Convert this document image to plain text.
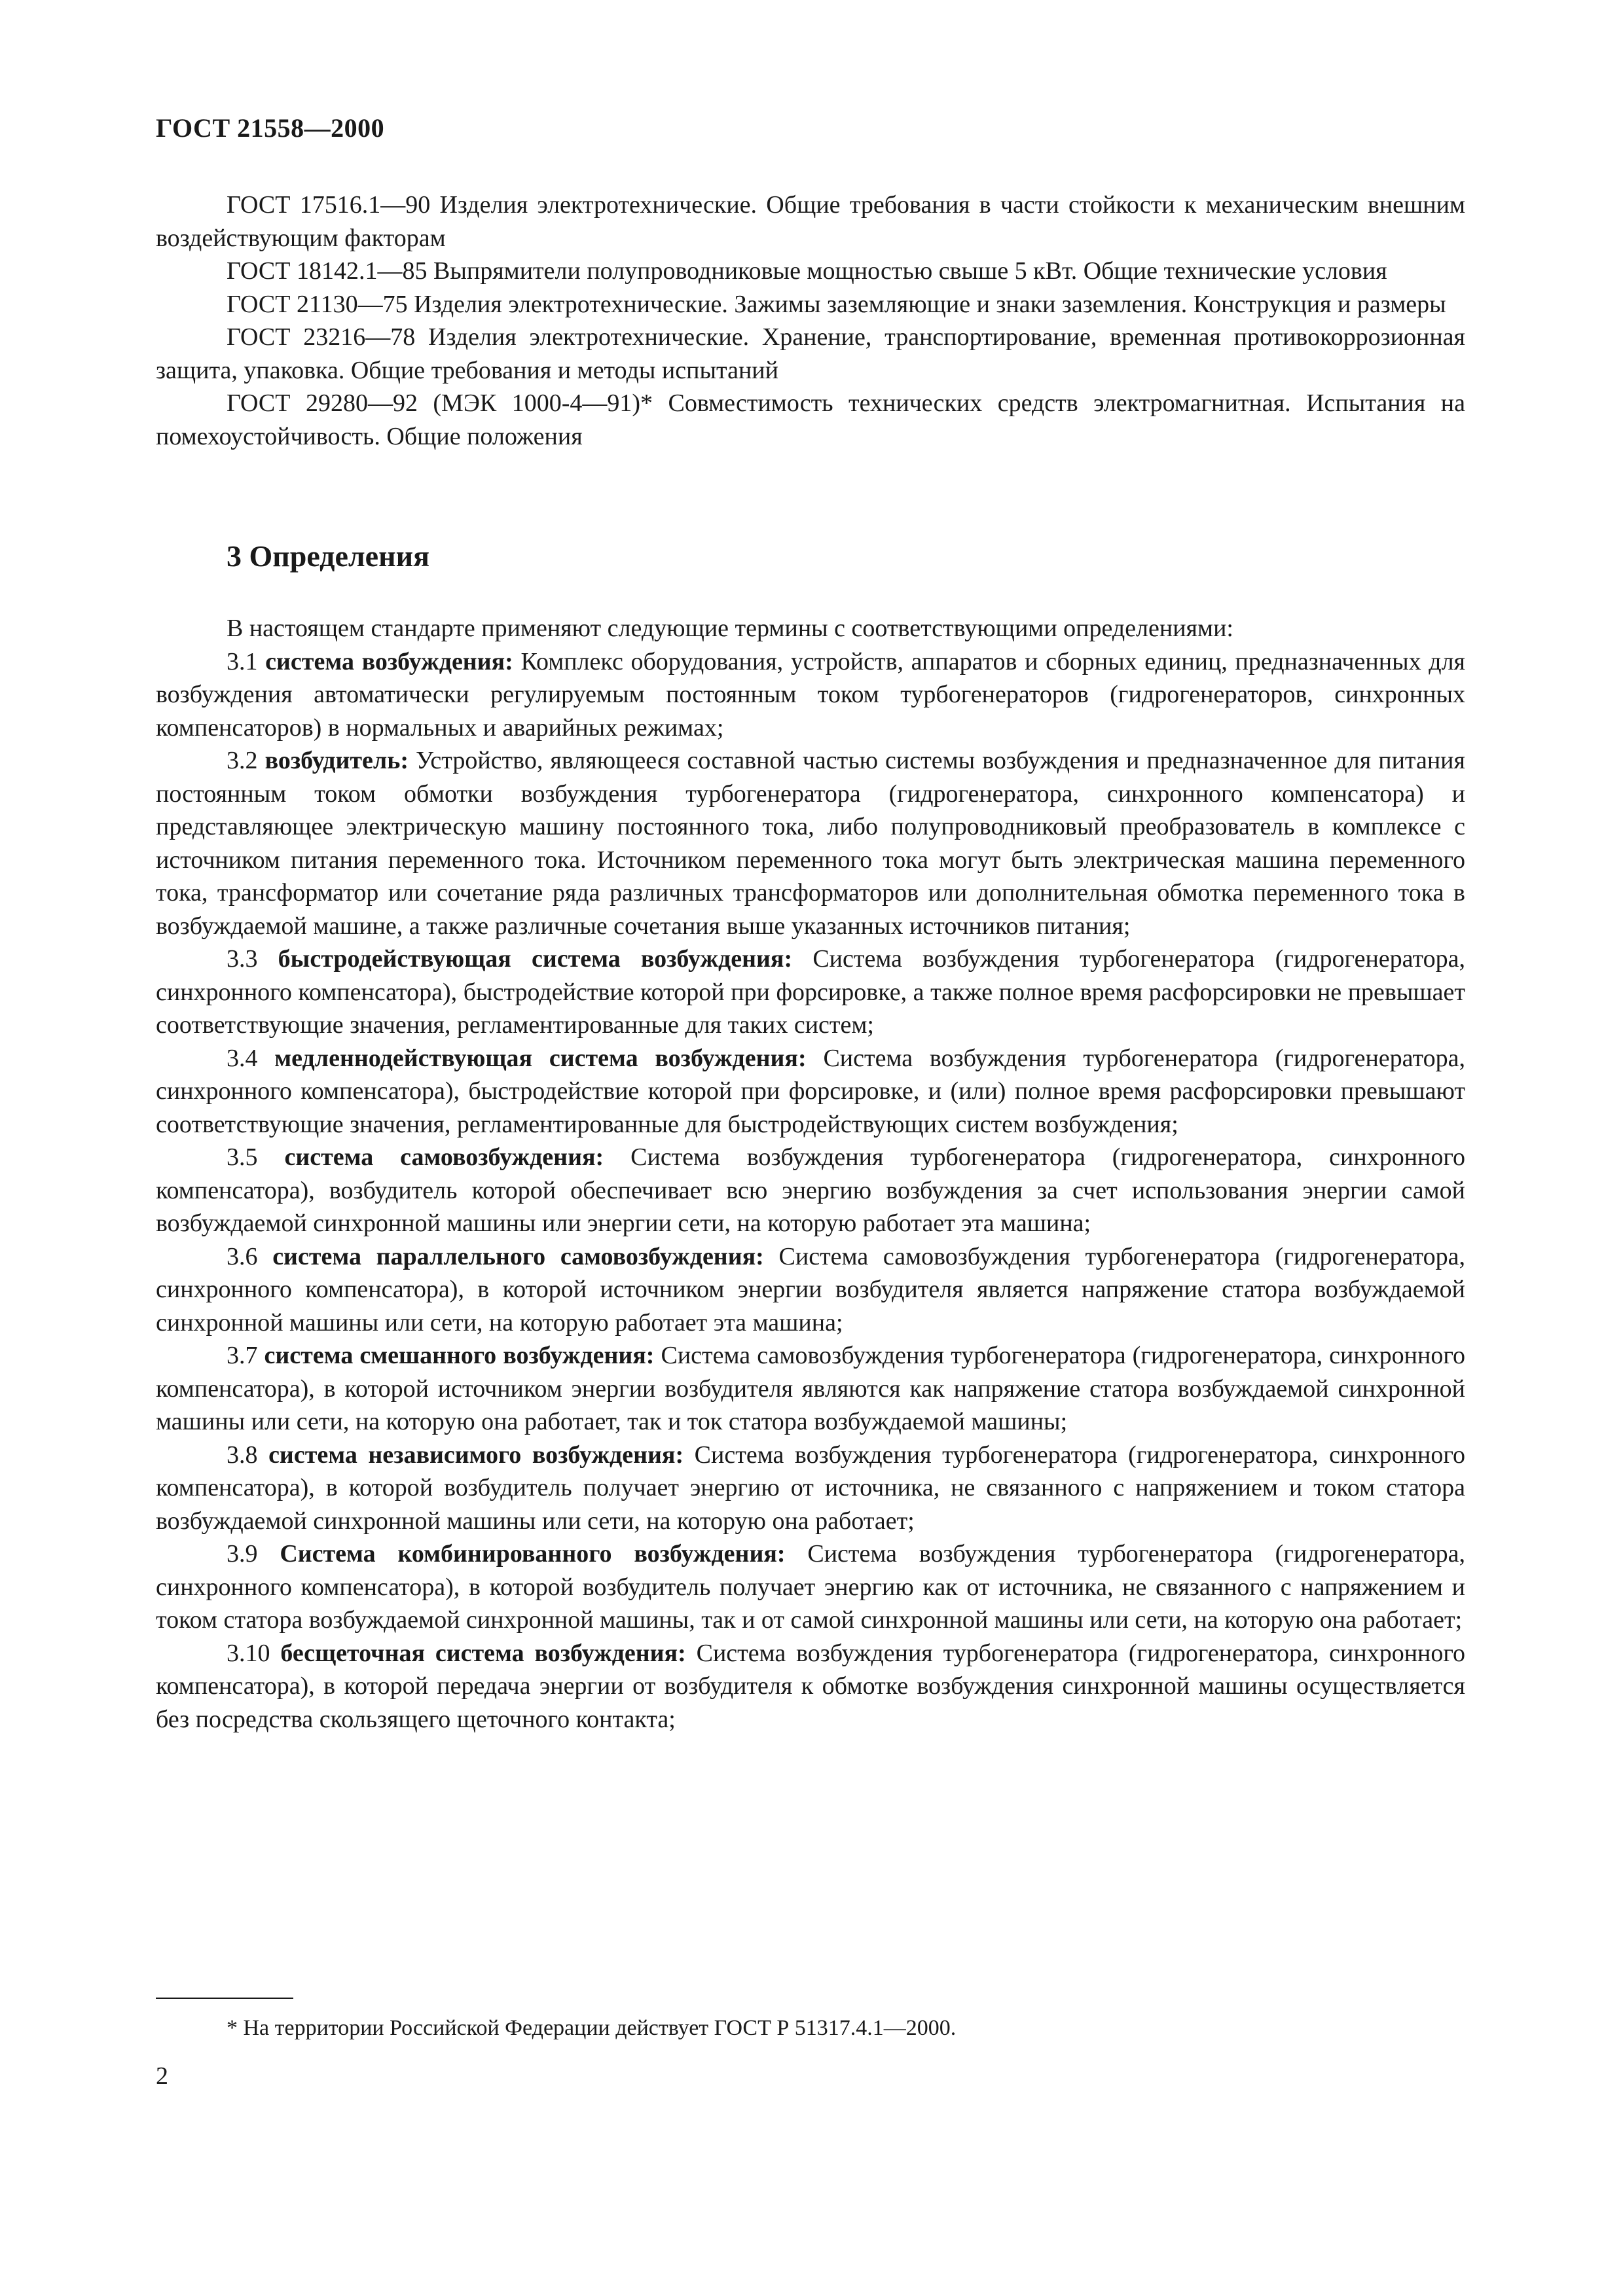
ГОСТ 21558—2000

ГОСТ 17516.1—90 Изделия электротехнические. Общие требования в части стойкости к механическим внешним воздействующим факторам

ГОСТ 18142.1—85 Выпрямители полупроводниковые мощностью свыше 5 кВт. Общие технические условия

ГОСТ 21130—75 Изделия электротехнические. Зажимы заземляющие и знаки заземления. Конструкция и размеры

ГОСТ 23216—78 Изделия электротехнические. Хранение, транспортирование, временная противокоррозионная защита, упаковка. Общие требования и методы испытаний

ГОСТ 29280—92 (МЭК 1000-4—91)* Совместимость технических средств электромагнитная. Испытания на помехоустойчивость. Общие положения

3 Определения

В настоящем стандарте применяют следующие термины с соответствующими определениями:

3.1 система возбуждения: Комплекс оборудования, устройств, аппаратов и сборных единиц, предназначенных для возбуждения автоматически регулируемым постоянным током турбогенераторов (гидрогенераторов, синхронных компенсаторов) в нормальных и аварийных режимах;

3.2 возбудитель: Устройство, являющееся составной частью системы возбуждения и предназначенное для питания постоянным током обмотки возбуждения турбогенератора (гидрогенератора, синхронного компенсатора) и представляющее электрическую машину постоянного тока, либо полупроводниковый преобразователь в комплексе с источником питания переменного тока. Источником переменного тока могут быть электрическая машина переменного тока, трансформатор или сочетание ряда различных трансформаторов или дополнительная обмотка переменного тока в возбуждаемой машине, а также различные сочетания выше указанных источников питания;

3.3 быстродействующая система возбуждения: Система возбуждения турбогенератора (гидрогенератора, синхронного компенсатора), быстродействие которой при форсировке, а также полное время расфорсировки не превышает соответствующие значения, регламентированные для таких систем;

3.4 медленнодействующая система возбуждения: Система возбуждения турбогенератора (гидрогенератора, синхронного компенсатора), быстродействие которой при форсировке, и (или) полное время расфорсировки превышают соответствующие значения, регламентированные для быстродействующих систем возбуждения;

3.5 система самовозбуждения: Система возбуждения турбогенератора (гидрогенератора, синхронного компенсатора), возбудитель которой обеспечивает всю энергию возбуждения за счет использования энергии самой возбуждаемой синхронной машины или энергии сети, на которую работает эта машина;

3.6 система параллельного самовозбуждения: Система самовозбуждения турбогенератора (гидрогенератора, синхронного компенсатора), в которой источником энергии возбудителя является напряжение статора возбуждаемой синхронной машины или сети, на которую работает эта машина;

3.7 система смешанного возбуждения: Система самовозбуждения турбогенератора (гидрогенератора, синхронного компенсатора), в которой источником энергии возбудителя являются как напряжение статора возбуждаемой синхронной машины или сети, на которую она работает, так и ток статора возбуждаемой машины;

3.8 система независимого возбуждения: Система возбуждения турбогенератора (гидрогенератора, синхронного компенсатора), в которой возбудитель получает энергию от источника, не связанного с напряжением и током статора возбуждаемой синхронной машины или сети, на которую она работает;

3.9 Система комбинированного возбуждения: Система возбуждения турбогенератора (гидрогенератора, синхронного компенсатора), в которой возбудитель получает энергию как от источника, не связанного с напряжением и током статора возбуждаемой синхронной машины, так и от самой синхронной машины или сети, на которую она работает;

3.10 бесщеточная система возбуждения: Система возбуждения турбогенератора (гидрогенератора, синхронного компенсатора), в которой передача энергии от возбудителя к обмотке возбуждения синхронной машины осуществляется без посредства скользящего щеточного контакта;

* На территории Российской Федерации действует ГОСТ Р 51317.4.1—2000.
2
